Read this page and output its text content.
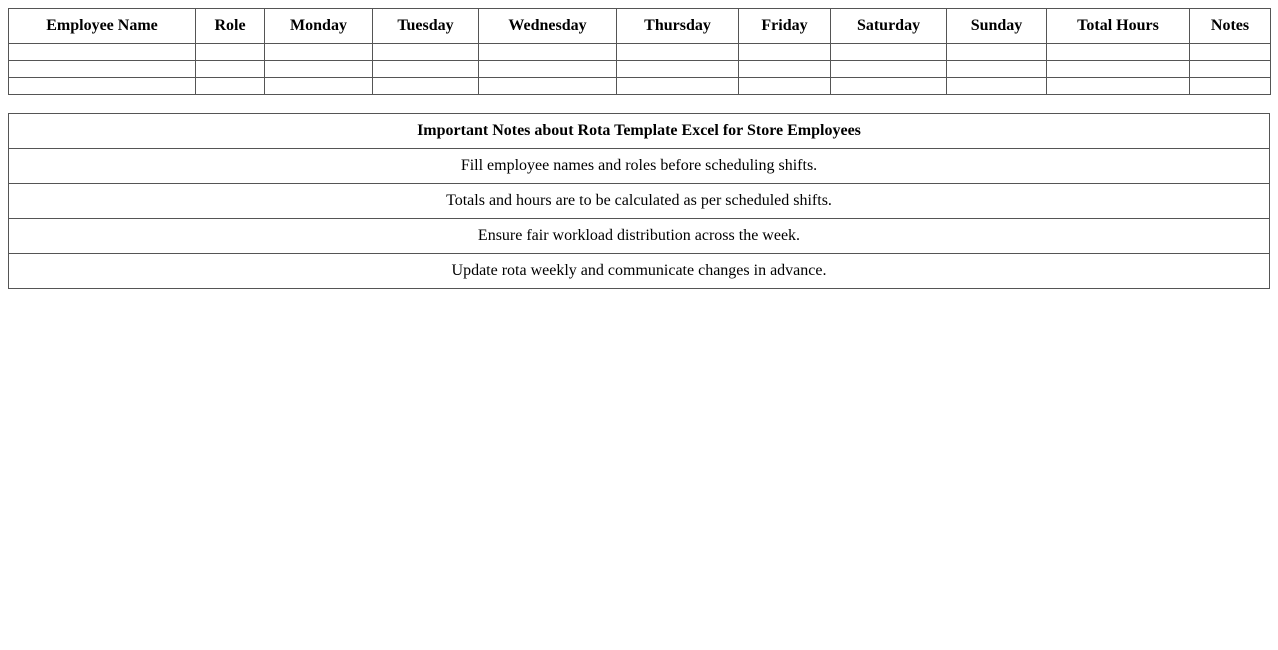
Employee Name	Role	Monday	Tuesday	Wednesday	Thursday	Friday	Saturday	Sunday	Total Hours	Notes

Important Notes about Rota Template Excel for Store Employees
Fill employee names and roles before scheduling shifts.
Totals and hours are to be calculated as per scheduled shifts.
Ensure fair workload distribution across the week.
Update rota weekly and communicate changes in advance.
